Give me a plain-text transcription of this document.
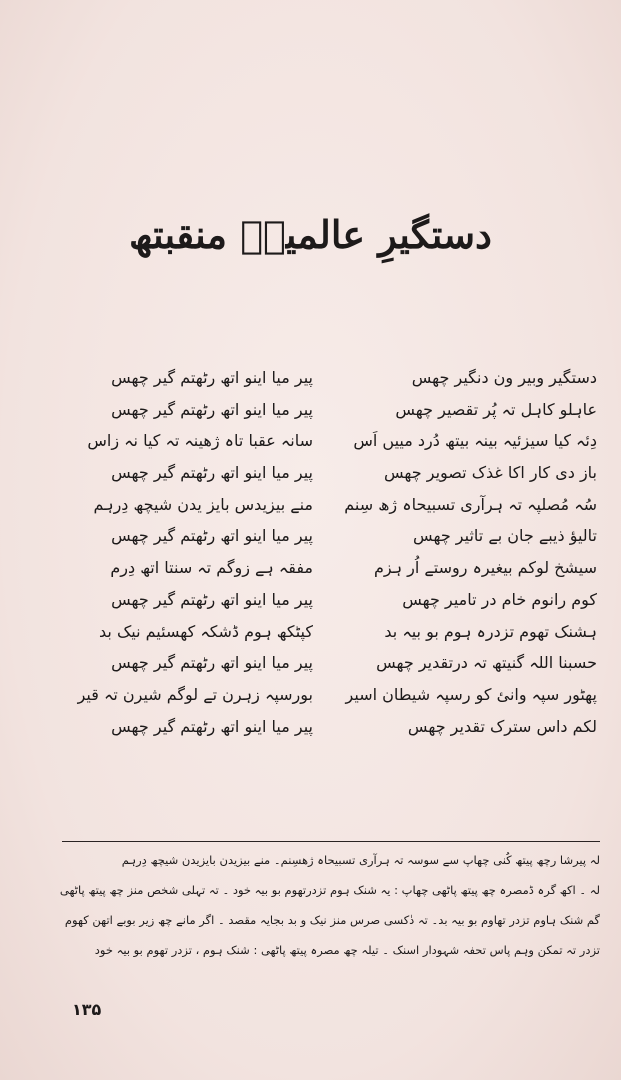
دستگیرِ عالمینؒ منقبتھ
دستگیر وبیر ون دنگیر چھس
عاہلو کاہل تہ پُر تقصیر چھس
دِئہ کیا سیزئیہ بینہ بیتھ دُرد مییں اَس
باز دی کار اکا غذک تصویر چھس
سُہ مُصلپہ تہ ہرآری تسبیحاہ ژھ سِنم
تالیؤ ذیبے جان بے تاثیر چھس
سیشخ لوکم بیغیرہ روستے اُر ہزم
کوم رانوم خام در تامیر چھس
ہشنک تھوم تزدرہ ہوم بو بیہ بد
حسبنا اللہ گنیتھ تہ درتقدیر چھس
پھٹور سپہ وانئ کو رسپہ شیطان اسیر
لکم داس سترک تقدیر چھس
پیر میا اینو اتھ رٹھتم گیر چھس
پیر میا اینو اتھ رٹھتم گیر چھس
سانہ عقبا تاہ ژھینہ تہ کیا نہ زاس
پیر میا اینو اتھ رٹھتم گیر چھس
منے بیزیدس بایز یدن شیچھ دِرہم
پیر میا اینو اتھ رٹھتم گیر چھس
مفقہ ہے زوگم تہ سنتا اتھ دِرم
پیر میا اینو اتھ رٹھتم گیر چھس
کپٹکھ ہوم ڈشکہ کھسئیم نیک بد
پیر میا اینو اتھ رٹھتم گیر چھس
بورسپہ زہرن تے لوگم شیرن تہ قیر
پیر میا اینو اتھ رٹھتم گیر چھس
لہ پیرشا رچھ پیتھ کُنی چھاپ سے سوسہ تہ ہرآری تسبیحاہ ژھسِنم۔ منے بیزیدن بایزیدن شیچھ دِرہم
لہ ۔ اکھ گرہ ڈمصرہ چھ پیتھ پاٹھی چھاپ : یہ شنک ہوم تزدرتھوم بو بیہ خود ۔ تہ تہلی شخص منز چھ پیتھ پاٹھی
گم شنک ہاوم تزدر تھاوم بو بیہ بد۔ تہ دٰکسی صرس منز نیک و بد بجایہ مقصد ۔ اگر مانے چھ زیر بوبے اتھن کھوم
تزدر تہ تمکن وہم پاس تحفہ شہودار اسنک ۔ تیلہ چھ مصرہ پیتھ پاٹھی : شنک ہوم ، تزدر تھوم بو بیہ خود
۱۳۵
